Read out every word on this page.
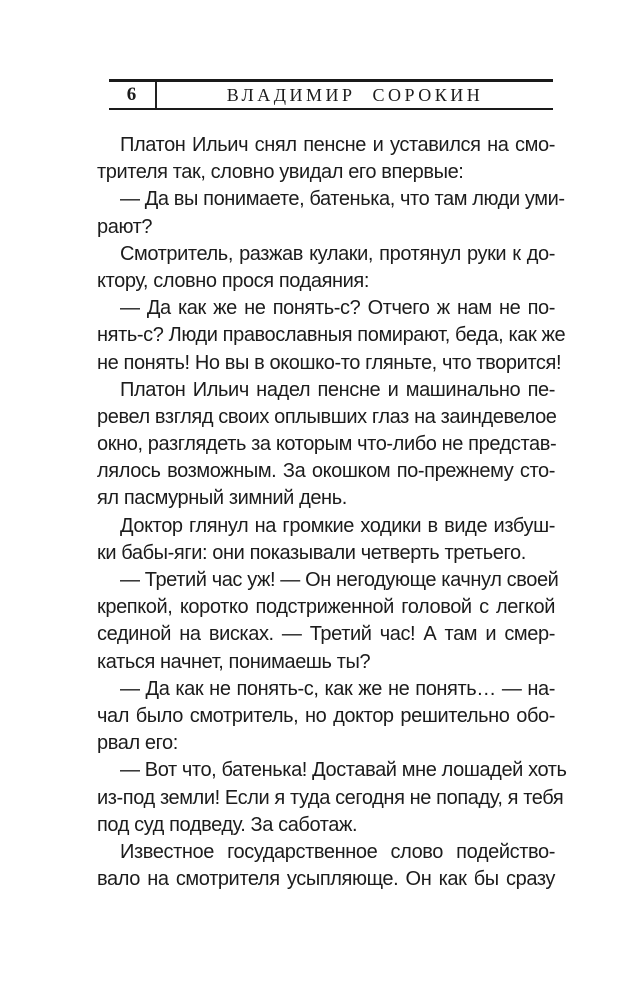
6	ВЛАДИМИР СОРОКИН
Платон Ильич снял пенсне и уставился на смо-
трителя так, словно увидал его впервые:
— Да вы понимаете, батенька, что там люди уми-
рают?
Смотритель, разжав кулаки, протянул руки к до-
ктору, словно прося подаяния:
— Да как же не понять-с? Отчего ж нам не по-
нять-с? Люди православныя помирают, беда, как же
не понять! Но вы в окошко-то гляньте, что творится!
Платон Ильич надел пенсне и машинально пе-
ревел взгляд своих оплывших глаз на заиндевелое
окно, разглядеть за которым что-либо не представ-
лялось возможным. За окошком по-прежнему сто-
ял пасмурный зимний день.
Доктор глянул на громкие ходики в виде избуш-
ки бабы-яги: они показывали четверть третьего.
— Третий час уж! — Он негодующе качнул своей
крепкой, коротко подстриженной головой с легкой
сединой на висках. — Третий час! А там и смер-
каться начнет, понимаешь ты?
— Да как не понять-с, как же не понять… — на-
чал было смотритель, но доктор решительно обо-
рвал его:
— Вот что, батенька! Доставай мне лошадей хоть
из-под земли! Если я туда сегодня не попаду, я тебя
под суд подведу. За саботаж.
Известное государственное слово подейство-
вало на смотрителя усыпляюще. Он как бы сразу
